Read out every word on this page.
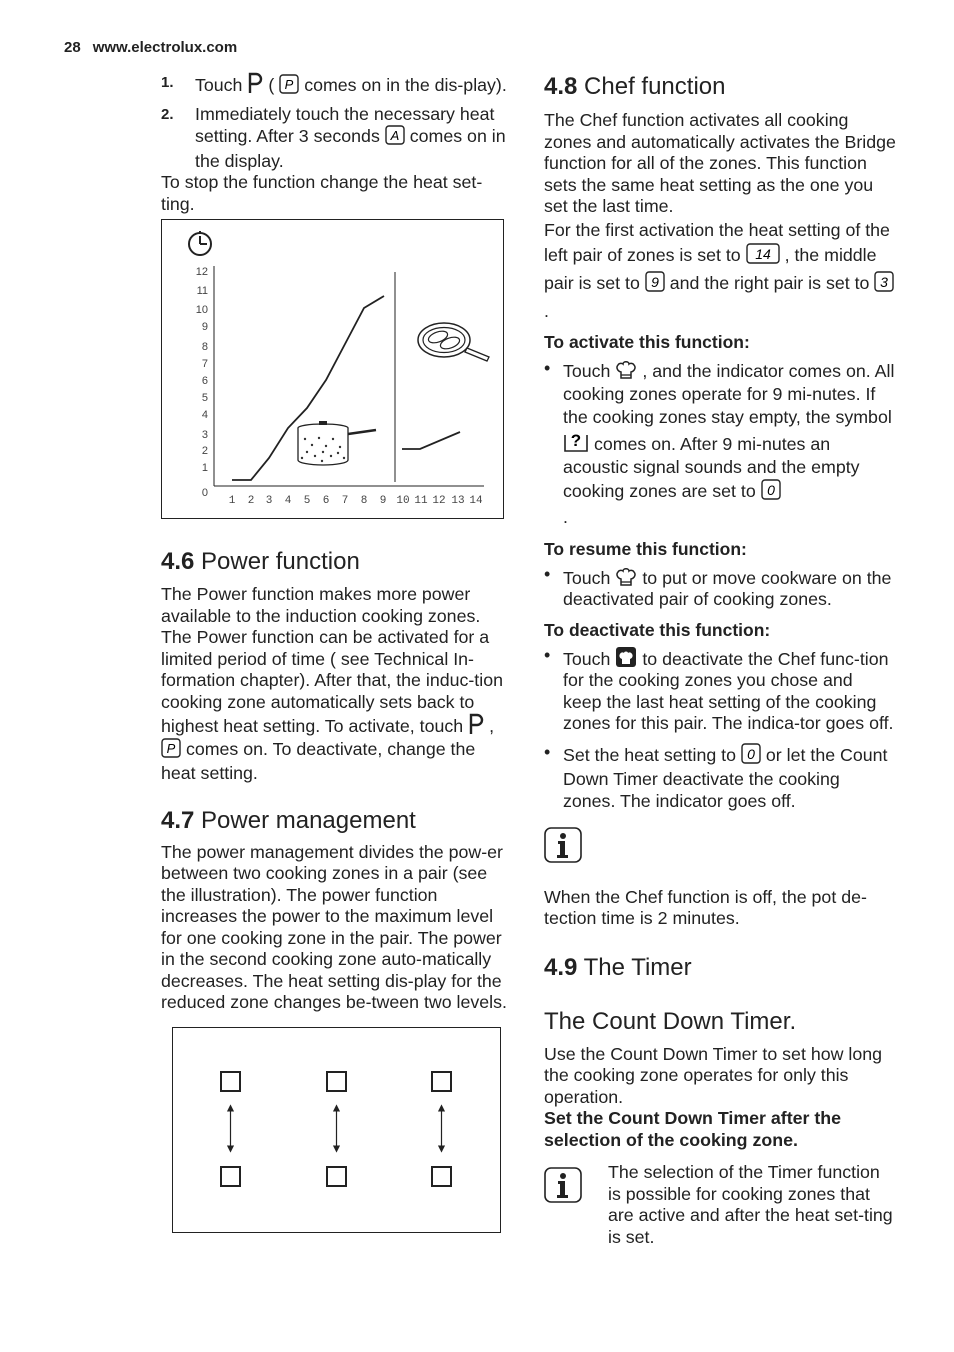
28 www.electrolux.com
1. Touch ( P comes on in the dis-play).
2. Immediately touch the necessary heat setting. After 3 seconds A comes on in the display.

To stop the function change the heat set-ting.

12
11
10
9
8
7
6
5
4
3
2
1
0
1 2 3 4 5 6 7 8 9 10 11 12 13 14
4.6 Power function

The Power function makes more power available to the induction cooking zones. The Power function can be activated for a limited period of time ( see Technical In-formation chapter). After that, the induc-tion cooking zone automatically sets back to highest heat setting. To activate, touch ,
P comes on. To deactivate, change the heat setting.

4.7 Power management

The power management divides the pow-er between two cooking zones in a pair (see the illustration). The power function increases the power to the maximum level for one cooking zone in the pair. The power in the second cooking zone auto-matically decreases. The heat setting dis-play for the reduced zone changes be-tween two levels.

4.8 Chef function

The Chef function activates all cooking zones and automatically activates the Bridge function for all of the zones. This function sets the same heat setting as the one you set the last time.

For the first activation the heat setting of the left pair of zones is set to 14 , the middle pair is set to 9 and the right pair is set to 3
.

To activate this function:
• Touch , and the indicator comes on. All cooking zones operate for 9 mi-nutes. If the cooking zones stay empty, the symbol
? comes on. After 9 mi-nutes an acoustic signal sounds and the empty cooking zones are set to 0
.
To resume this function:
• Touch to put or move cookware on the deactivated pair of cooking zones.
To deactivate this function:
• Touch to deactivate the Chef func-tion for the cooking zones you chose and keep the last heat setting of the cooking zones for this pair. The indica-tor goes off.
• Set the heat setting to 0 or let the Count Down Timer deactivate the cooking zones. The indicator goes off.

When the Chef function is off, the pot de-tection time is 2 minutes.

4.9 The Timer
The Count Down Timer.

Use the Count Down Timer to set how long the cooking zone operates for only this operation.

Set the Count Down Timer after the selection of the cooking zone.

The selection of the Timer function is possible for cooking zones that are active and after the heat set-ting is set.
